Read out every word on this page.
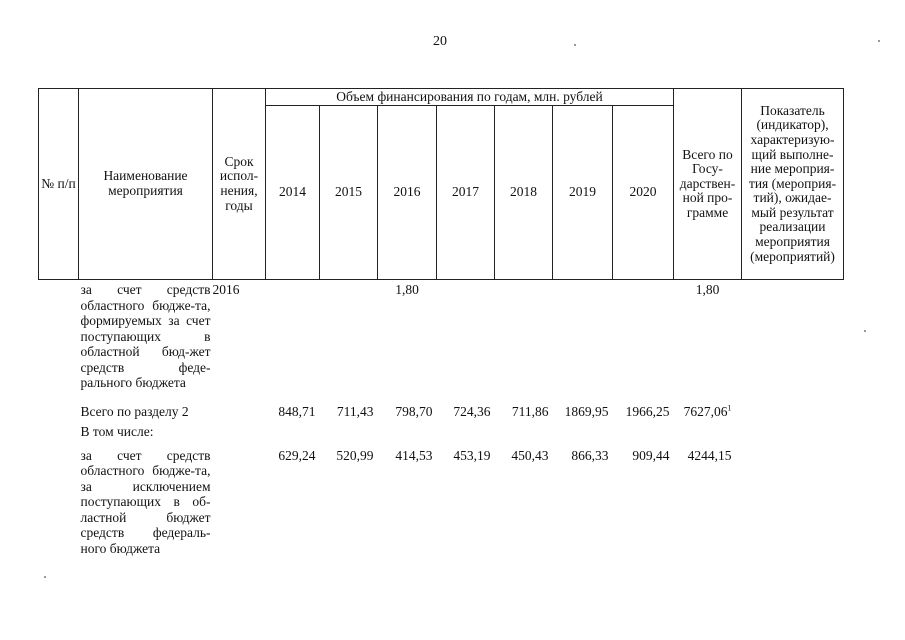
20
№ п/п	Наименование мероприятия	Срок испол-нения, годы	Объем финансирования по годам, млн. рублей							Всего по Госу-дарствен-ной про-грамме	Показатель (индикатор), характеризую-щий выполне-ние мероприя-тия (мероприя-тий), ожидае-мый результат реализации мероприятия (мероприятий)
			2014	2015	2016	2017	2018	2019	2020		
	за счет средств областного бюдже-та, формируемых за счет поступающих в областной бюд-жет средств феде-рального бюджета	2016			1,80					1,80	
	Всего по разделу 2		848,71	711,43	798,70	724,36	711,86	1869,95	1966,25	7627,06$^1$	
	В том числе:										
	за счет средств областного бюдже-та, за исключением поступающих в об-ластной бюджет средств федераль-ного бюджета		629,24	520,99	414,53	453,19	450,43	866,33	909,44	4244,15	
